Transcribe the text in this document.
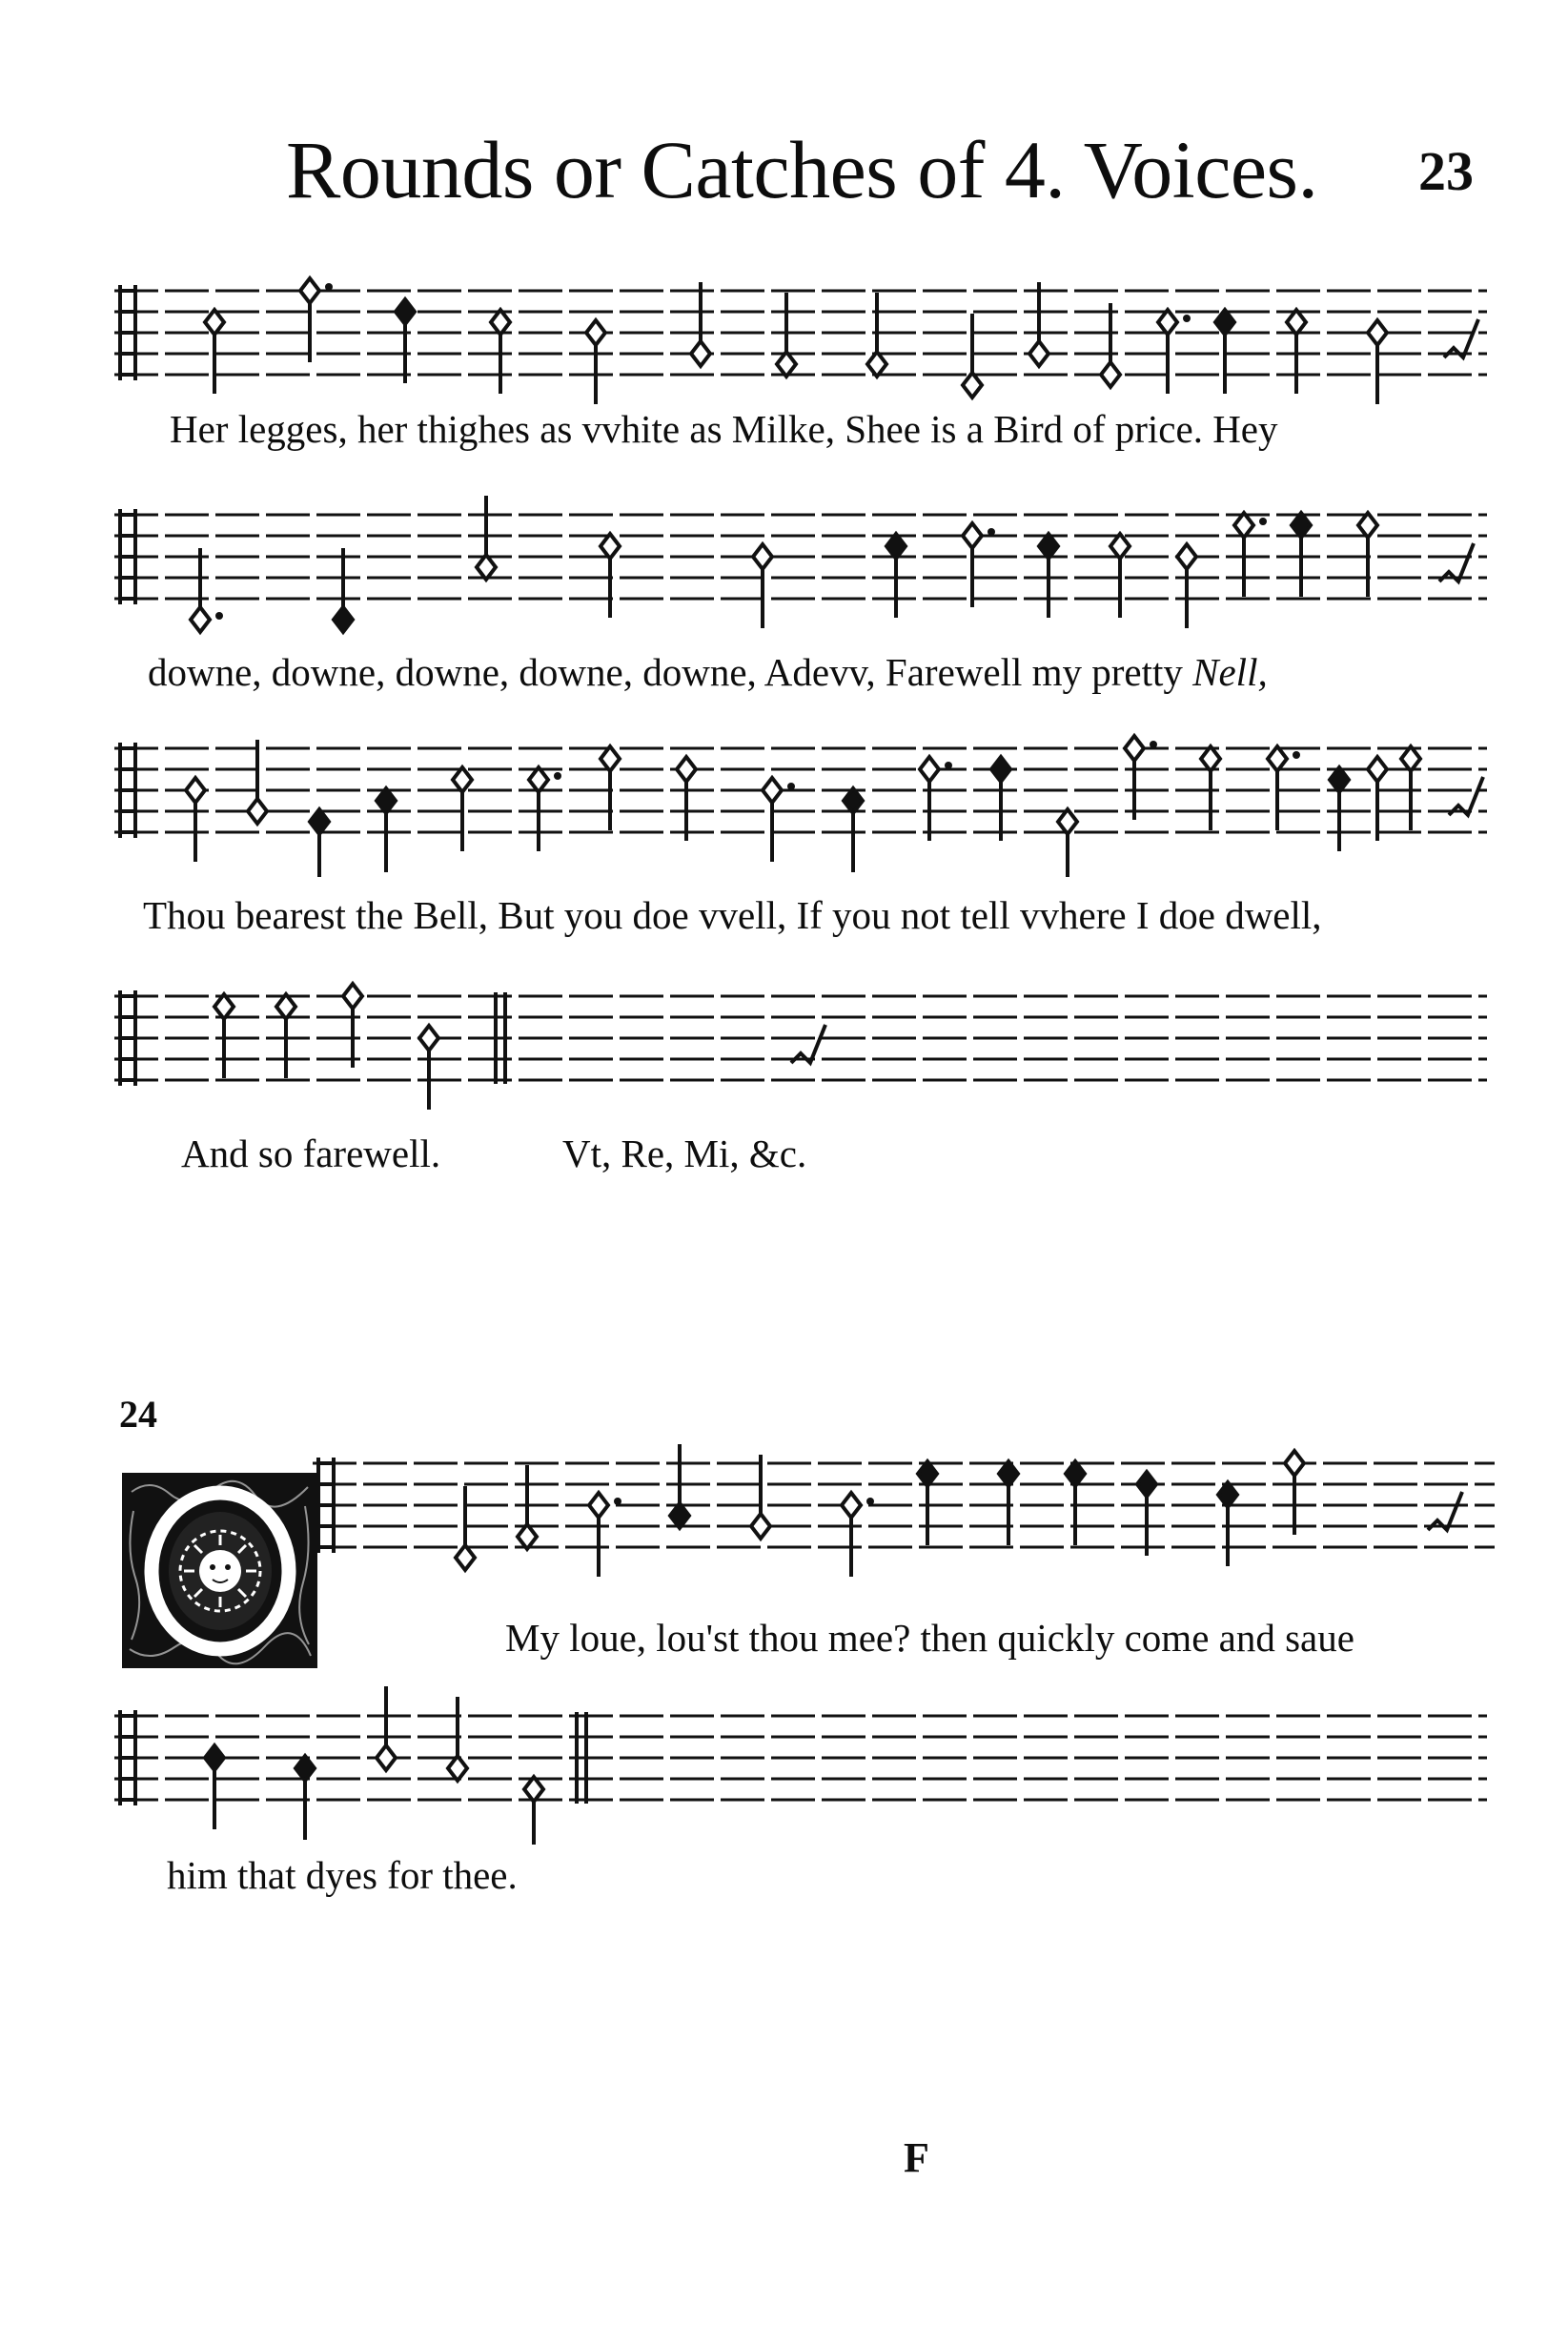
Rounds or Catches of 4. Voices. 23
Her legges, her thighes as vvhite as Milke, Shee is a Bird of price. Hey
downe, downe, downe, downe, downe, Adevv, Farewell my pretty Nell,
Thou bearest the Bell, But you doe vvell, If you not tell vvhere I doe dwell,
And so farewell.	Vt, Re, Mi, &c.
24
My loue, lou'st thou mee? then quickly come and saue
him that dyes for thee.
F
